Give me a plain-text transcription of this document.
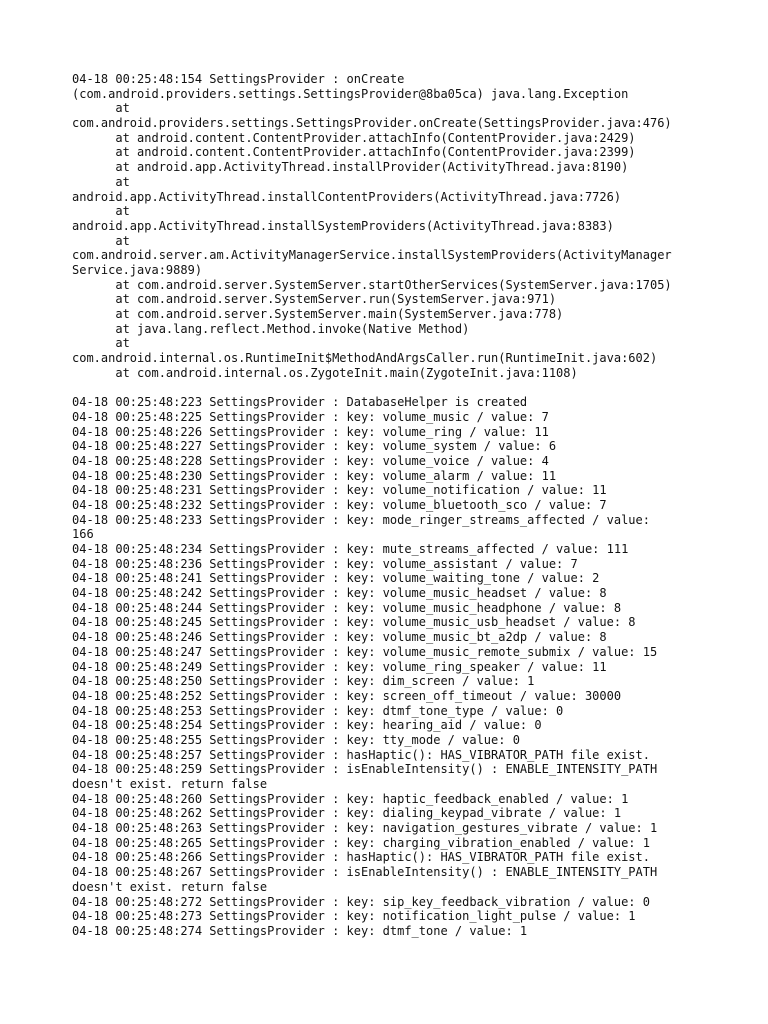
04-18 00:25:48:154 SettingsProvider : onCreate
(com.android.providers.settings.SettingsProvider@8ba05ca) java.lang.Exception
at
com.android.providers.settings.SettingsProvider.onCreate(SettingsProvider.java:476)
at android.content.ContentProvider.attachInfo(ContentProvider.java:2429)
at android.content.ContentProvider.attachInfo(ContentProvider.java:2399)
at android.app.ActivityThread.installProvider(ActivityThread.java:8190)
at
android.app.ActivityThread.installContentProviders(ActivityThread.java:7726)
at
android.app.ActivityThread.installSystemProviders(ActivityThread.java:8383)
at
com.android.server.am.ActivityManagerService.installSystemProviders(ActivityManager
Service.java:9889)
at com.android.server.SystemServer.startOtherServices(SystemServer.java:1705)
at com.android.server.SystemServer.run(SystemServer.java:971)
at com.android.server.SystemServer.main(SystemServer.java:778)
at java.lang.reflect.Method.invoke(Native Method)
at
com.android.internal.os.RuntimeInit$MethodAndArgsCaller.run(RuntimeInit.java:602)
at com.android.internal.os.ZygoteInit.main(ZygoteInit.java:1108)
04-18 00:25:48:223 SettingsProvider : DatabaseHelper is created
04-18 00:25:48:225 SettingsProvider : key: volume_music / value: 7
04-18 00:25:48:226 SettingsProvider : key: volume_ring / value: 11
04-18 00:25:48:227 SettingsProvider : key: volume_system / value: 6
04-18 00:25:48:228 SettingsProvider : key: volume_voice / value: 4
04-18 00:25:48:230 SettingsProvider : key: volume_alarm / value: 11
04-18 00:25:48:231 SettingsProvider : key: volume_notification / value: 11
04-18 00:25:48:232 SettingsProvider : key: volume_bluetooth_sco / value: 7
04-18 00:25:48:233 SettingsProvider : key: mode_ringer_streams_affected / value:
166
04-18 00:25:48:234 SettingsProvider : key: mute_streams_affected / value: 111
04-18 00:25:48:236 SettingsProvider : key: volume_assistant / value: 7
04-18 00:25:48:241 SettingsProvider : key: volume_waiting_tone / value: 2
04-18 00:25:48:242 SettingsProvider : key: volume_music_headset / value: 8
04-18 00:25:48:244 SettingsProvider : key: volume_music_headphone / value: 8
04-18 00:25:48:245 SettingsProvider : key: volume_music_usb_headset / value: 8
04-18 00:25:48:246 SettingsProvider : key: volume_music_bt_a2dp / value: 8
04-18 00:25:48:247 SettingsProvider : key: volume_music_remote_submix / value: 15
04-18 00:25:48:249 SettingsProvider : key: volume_ring_speaker / value: 11
04-18 00:25:48:250 SettingsProvider : key: dim_screen / value: 1
04-18 00:25:48:252 SettingsProvider : key: screen_off_timeout / value: 30000
04-18 00:25:48:253 SettingsProvider : key: dtmf_tone_type / value: 0
04-18 00:25:48:254 SettingsProvider : key: hearing_aid / value: 0
04-18 00:25:48:255 SettingsProvider : key: tty_mode / value: 0
04-18 00:25:48:257 SettingsProvider : hasHaptic(): HAS_VIBRATOR_PATH file exist.
04-18 00:25:48:259 SettingsProvider : isEnableIntensity() : ENABLE_INTENSITY_PATH
doesn't exist. return false
04-18 00:25:48:260 SettingsProvider : key: haptic_feedback_enabled / value: 1
04-18 00:25:48:262 SettingsProvider : key: dialing_keypad_vibrate / value: 1
04-18 00:25:48:263 SettingsProvider : key: navigation_gestures_vibrate / value: 1
04-18 00:25:48:265 SettingsProvider : key: charging_vibration_enabled / value: 1
04-18 00:25:48:266 SettingsProvider : hasHaptic(): HAS_VIBRATOR_PATH file exist.
04-18 00:25:48:267 SettingsProvider : isEnableIntensity() : ENABLE_INTENSITY_PATH
doesn't exist. return false
04-18 00:25:48:272 SettingsProvider : key: sip_key_feedback_vibration / value: 0
04-18 00:25:48:273 SettingsProvider : key: notification_light_pulse / value: 1
04-18 00:25:48:274 SettingsProvider : key: dtmf_tone / value: 1
